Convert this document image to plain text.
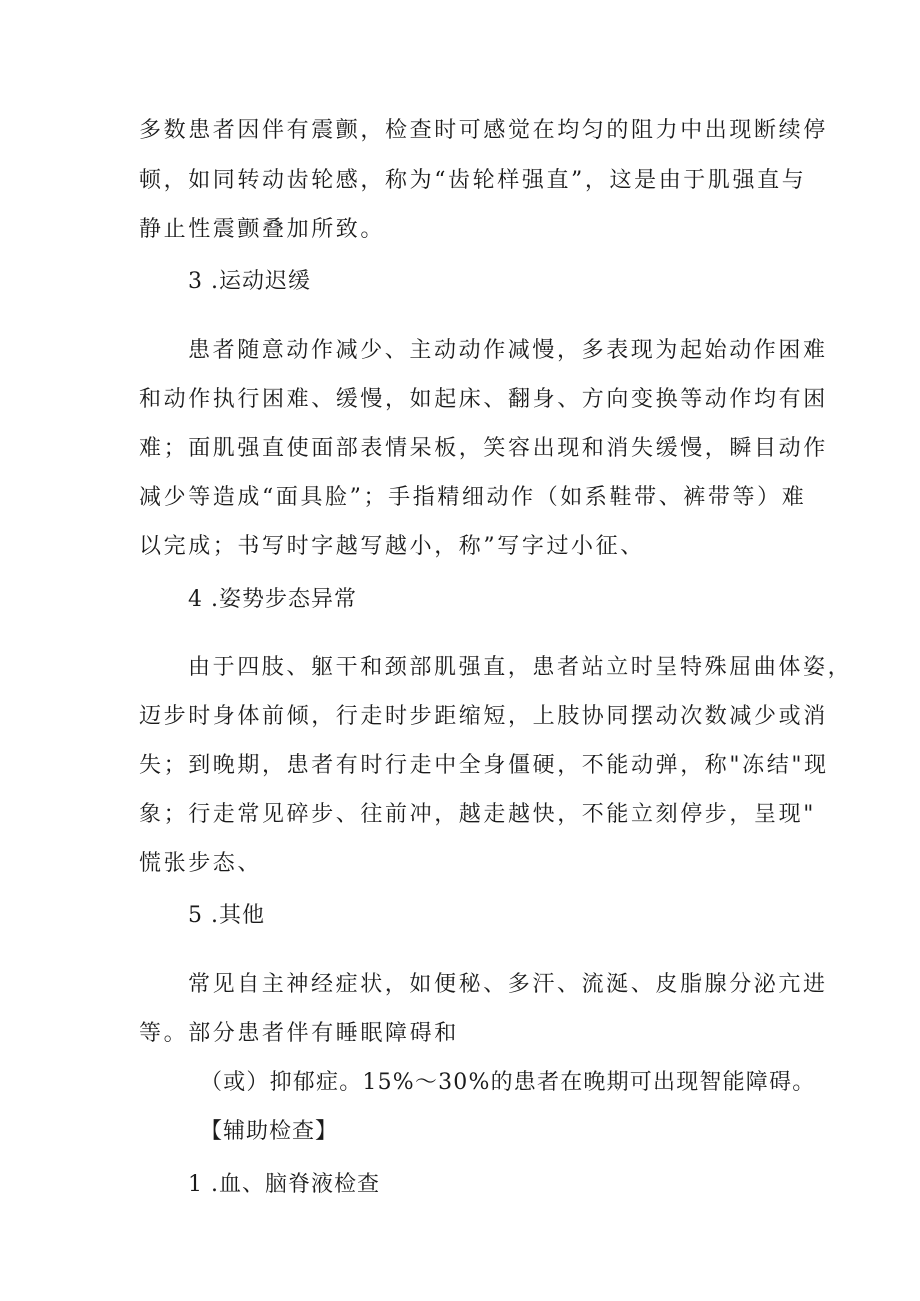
多数患者因伴有震颤，检查时可感觉在均匀的阻力中出现断续停
顿，如同转动齿轮感，称为“齿轮样强直”，这是由于肌强直与
静止性震颤叠加所致。
3 .运动迟缓
患者随意动作减少、主动动作减慢，多表现为起始动作困难
和动作执行困难、缓慢，如起床、翻身、方向变换等动作均有困
难；面肌强直使面部表情呆板，笑容出现和消失缓慢，瞬目动作
减少等造成“面具脸”；手指精细动作（如系鞋带、裤带等）难
以完成；书写时字越写越小，称”写字过小征、
4 .姿势步态异常
由于四肢、躯干和颈部肌强直，患者站立时呈特殊屈曲体姿，
迈步时身体前倾，行走时步距缩短，上肢协同摆动次数减少或消
失；到晚期，患者有时行走中全身僵硬，不能动弹，称"冻结"现
象；行走常见碎步、往前冲，越走越快，不能立刻停步，呈现"
慌张步态、
5 .其他
常见自主神经症状，如便秘、多汗、流涎、皮脂腺分泌亢进
等。部分患者伴有睡眠障碍和
（或）抑郁症。15%～30%的患者在晚期可出现智能障碍。
【辅助检查】
1 .血、脑脊液检查
